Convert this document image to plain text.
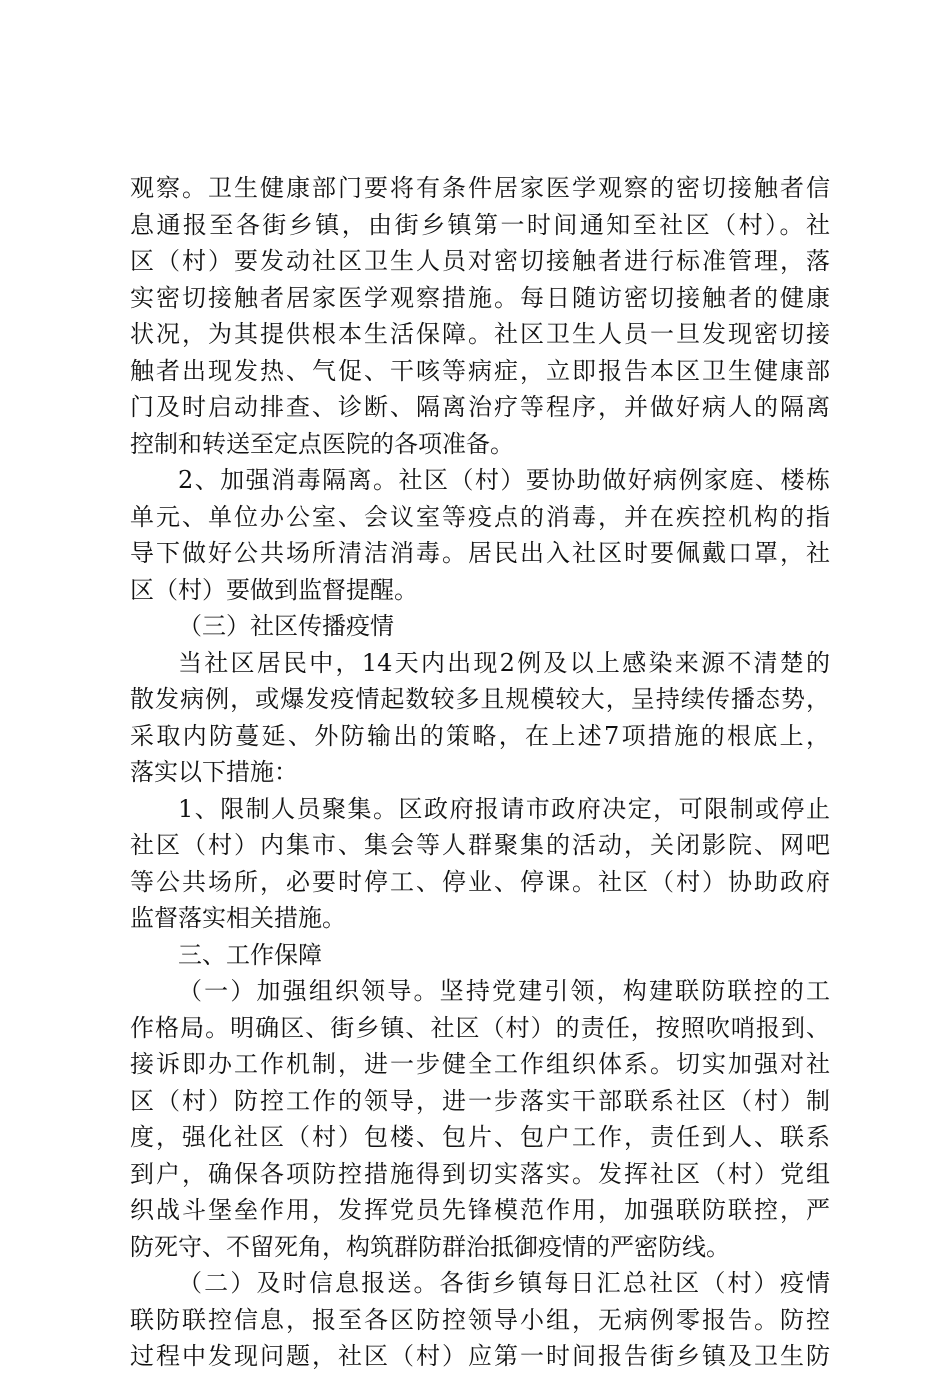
观察。卫生健康部门要将有条件居家医学观察的密切接触者信
息通报至各街乡镇，由街乡镇第一时间通知至社区（村）。社
区（村）要发动社区卫生人员对密切接触者进行标准管理，落
实密切接触者居家医学观察措施。每日随访密切接触者的健康
状况，为其提供根本生活保障。社区卫生人员一旦发现密切接
触者出现发热、气促、干咳等病症，立即报告本区卫生健康部
门及时启动排查、诊断、隔离治疗等程序，并做好病人的隔离
控制和转送至定点医院的各项准备。
2、加强消毒隔离。社区（村）要协助做好病例家庭、楼栋
单元、单位办公室、会议室等疫点的消毒，并在疾控机构的指
导下做好公共场所清洁消毒。居民出入社区时要佩戴口罩，社
区（村）要做到监督提醒。
（三）社区传播疫情
当社区居民中，14天内出现2例及以上感染来源不清楚的
散发病例，或爆发疫情起数较多且规模较大，呈持续传播态势，
采取内防蔓延、外防输出的策略，在上述7项措施的根底上，
落实以下措施：
1、限制人员聚集。区政府报请市政府决定，可限制或停止
社区（村）内集市、集会等人群聚集的活动，关闭影院、网吧
等公共场所，必要时停工、停业、停课。社区（村）协助政府
监督落实相关措施。
三、工作保障
（一）加强组织领导。坚持党建引领，构建联防联控的工
作格局。明确区、街乡镇、社区（村）的责任，按照吹哨报到、
接诉即办工作机制，进一步健全工作组织体系。切实加强对社
区（村）防控工作的领导，进一步落实干部联系社区（村）制
度，强化社区（村）包楼、包片、包户工作，责任到人、联系
到户，确保各项防控措施得到切实落实。发挥社区（村）党组
织战斗堡垒作用，发挥党员先锋模范作用，加强联防联控，严
防死守、不留死角，构筑群防群治抵御疫情的严密防线。
（二）及时信息报送。各街乡镇每日汇总社区（村）疫情
联防联控信息，报至各区防控领导小组，无病例零报告。防控
过程中发现问题，社区（村）应第一时间报告街乡镇及卫生防
